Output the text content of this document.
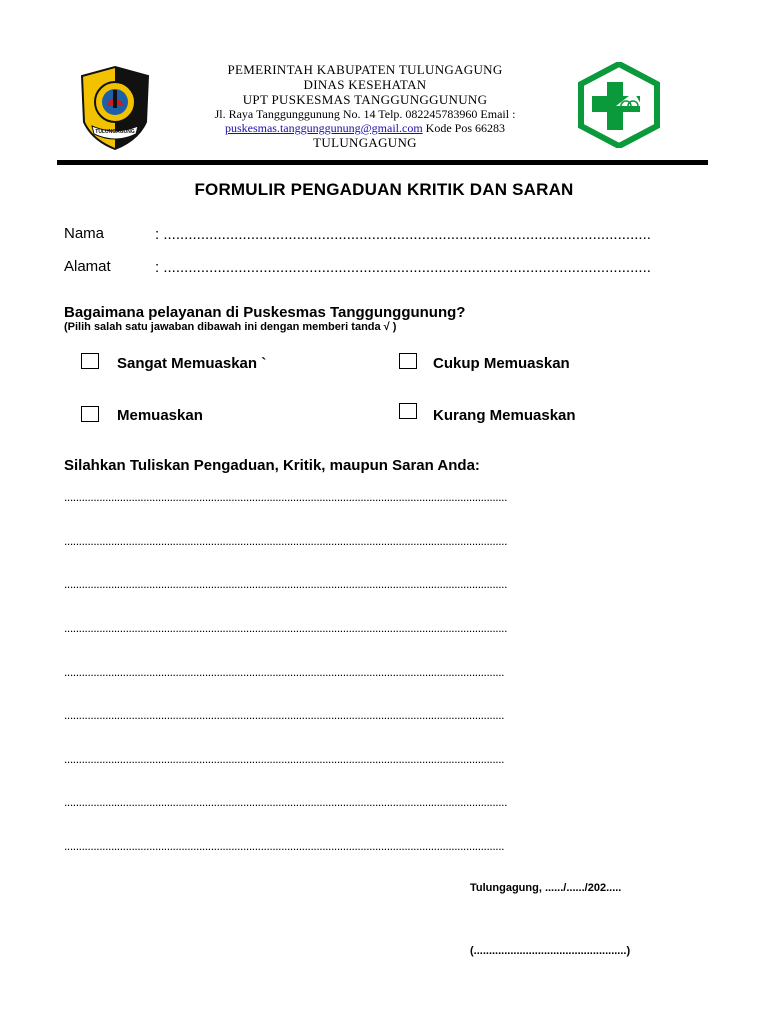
TULUNGAGUNG
PEMERINTAH KABUPATEN TULUNGAGUNG
DINAS KESEHATAN
UPT PUSKESMAS TANGGUNGGUNUNG
Jl. Raya Tanggunggunung No. 14 Telp. 082245783960 Email :
puskesmas.tanggunggunung@gmail.com Kode Pos 66283
TULUNGAGUNG
FORMULIR PENGADUAN KRITIK DAN SARAN
Nama	: .....................................................................................................................
Alamat	: .....................................................................................................................
Bagaimana pelayanan di Puskesmas Tanggunggunung?
(Pilih salah satu jawaban dibawah ini dengan memberi tanda √ )
Sangat Memuaskan `	Cukup Memuaskan
Memuaskan	Kurang Memuaskan
Silahkan Tuliskan Pengaduan, Kritik, maupun Saran Anda:
.......................................................................................................................................................
.......................................................................................................................................................
.......................................................................................................................................................
.......................................................................................................................................................
......................................................................................................................................................
......................................................................................................................................................
......................................................................................................................................................
.......................................................................................................................................................
......................................................................................................................................................
Tulungagung, ....../....../202.....
(..................................................)
